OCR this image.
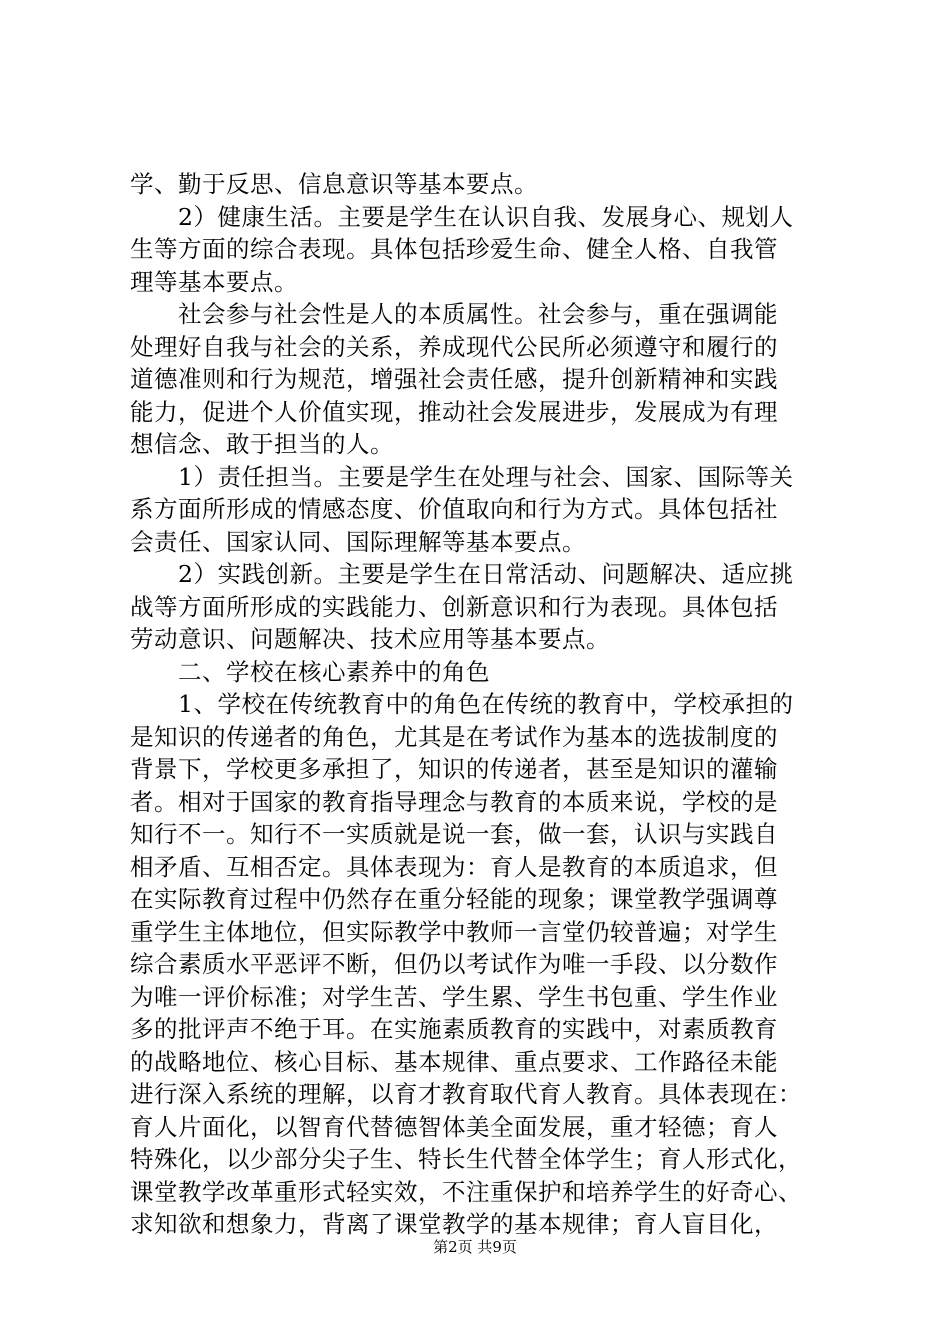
学、勤于反思、信息意识等基本要点。
　　2）健康生活。主要是学生在认识自我、发展身心、规划人
生等方面的综合表现。具体包括珍爱生命、健全人格、自我管
理等基本要点。
　　社会参与社会性是人的本质属性。社会参与，重在强调能
处理好自我与社会的关系，养成现代公民所必须遵守和履行的
道德准则和行为规范，增强社会责任感，提升创新精神和实践
能力，促进个人价值实现，推动社会发展进步，发展成为有理
想信念、敢于担当的人。
　　1）责任担当。主要是学生在处理与社会、国家、国际等关
系方面所形成的情感态度、价值取向和行为方式。具体包括社
会责任、国家认同、国际理解等基本要点。
　　2）实践创新。主要是学生在日常活动、问题解决、适应挑
战等方面所形成的实践能力、创新意识和行为表现。具体包括
劳动意识、问题解决、技术应用等基本要点。
　　二、学校在核心素养中的角色
　　1、学校在传统教育中的角色在传统的教育中，学校承担的
是知识的传递者的角色，尤其是在考试作为基本的选拔制度的
背景下，学校更多承担了，知识的传递者，甚至是知识的灌输
者。相对于国家的教育指导理念与教育的本质来说，学校的是
知行不一。知行不一实质就是说一套，做一套，认识与实践自
相矛盾、互相否定。具体表现为：育人是教育的本质追求，但
在实际教育过程中仍然存在重分轻能的现象；课堂教学强调尊
重学生主体地位，但实际教学中教师一言堂仍较普遍；对学生
综合素质水平恶评不断，但仍以考试作为唯一手段、以分数作
为唯一评价标准；对学生苦、学生累、学生书包重、学生作业
多的批评声不绝于耳。在实施素质教育的实践中，对素质教育
的战略地位、核心目标、基本规律、重点要求、工作路径未能
进行深入系统的理解，以育才教育取代育人教育。具体表现在：
育人片面化，以智育代替德智体美全面发展，重才轻德；育人
特殊化，以少部分尖子生、特长生代替全体学生；育人形式化，
课堂教学改革重形式轻实效，不注重保护和培养学生的好奇心、
求知欲和想象力，背离了课堂教学的基本规律；育人盲目化，
第2页 共9页
